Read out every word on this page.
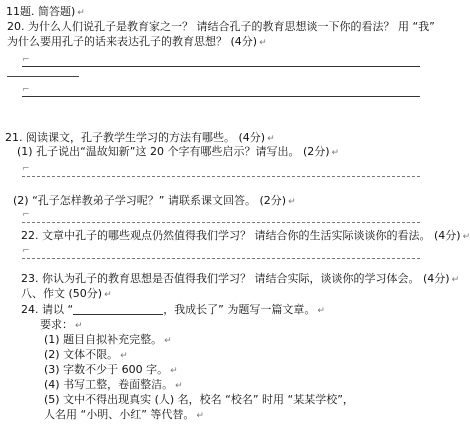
11题. 简答题) ↵
20. 为什么人们说孔子是教育家之一？ 请结合孔子的教育思想谈一下你的看法？ 用 “我”
为什么要用孔子的话来表达孔子的教育思想？ (4分) ↵
⌐
⌐
21. 阅读课文，孔子教学生学习的方法有哪些。 (4分) ↵
(1) 孔子说出“温故知新”这 20 个字有哪些启示？请写出。 (2分) ↵
⌐
(2) “孔子怎样教弟子学习呢？” 请联系课文回答。 (2分) ↵
⌐
22. 文章中孔子的哪些观点仍然值得我们学习？ 请结合你的生活实际谈谈你的看法。 (4分) ↵
⌐
23. 你认为孔子的教育思想是否值得我们学习？ 请结合实际，谈谈你的学习体会。 (4分) ↵
八、作文 (50分) ↵
24. 请以 “	，我成长了” 为题写一篇文章。 ↵
要求： ↵
(1) 题目自拟补充完整。 ↵
(2) 文体不限。 ↵
(3) 字数不少于 600 字。 ↵
(4) 书写工整，卷面整洁。 ↵
(5) 文中不得出现真实 (人) 名，校名 “校名” 时用 “某某学校”，
人名用 “小明、小红” 等代替。 ↵
